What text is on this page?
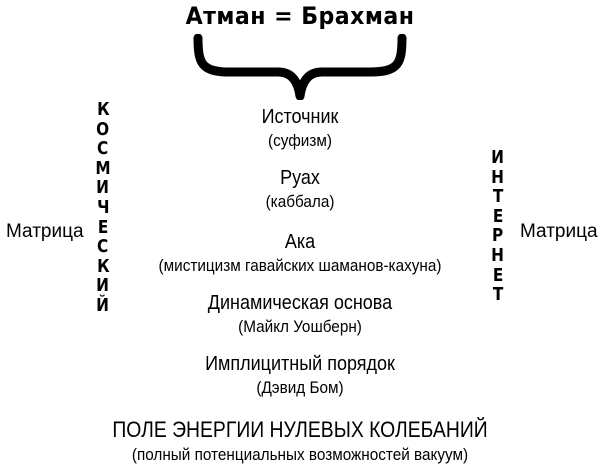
Атман = Брахман
К
О
С
М
И
Ч
Е
С
К
И
Й
Матрица
И
Н
Т
Е
Р
Н
Е
Т
Матрица
Источник
(суфизм)
Руах
(каббала)
Ака
(мистицизм гавайских шаманов-кахуна)
Динамическая основа
(Майкл Уошберн)
Имплицитный порядок
(Дэвид Бом)
ПОЛЕ ЭНЕРГИИ НУЛЕВЫХ КОЛЕБАНИЙ
(полный потенциальных возможностей вакуум)
